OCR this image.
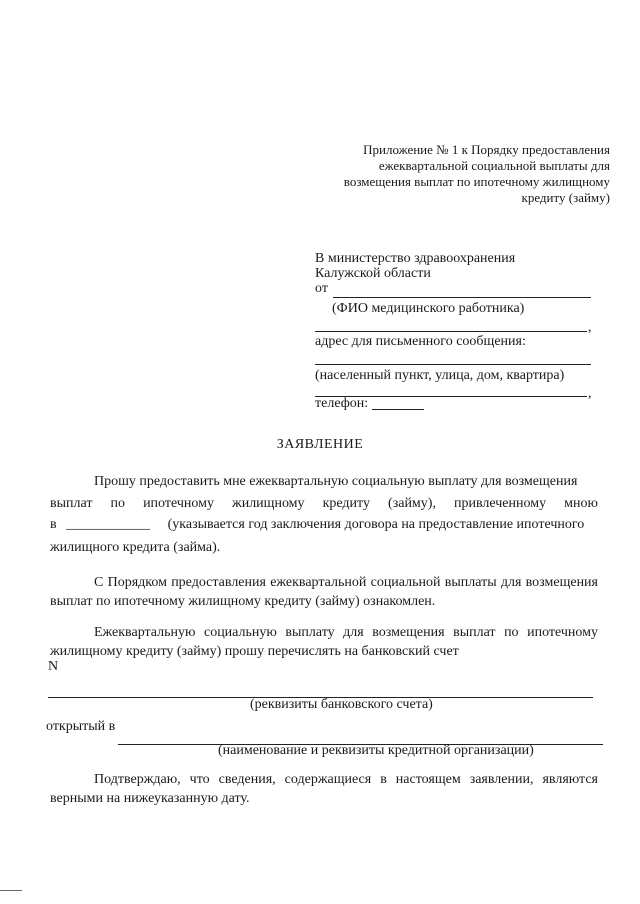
Приложение № 1 к Порядку предоставления
ежеквартальной социальной выплаты для
возмещения выплат по ипотечному жилищному
кредиту (займу)
В министерство здравоохранения
Калужской области
от
(ФИО медицинского работника)
,
адрес для письменного сообщения:
(населенный пункт, улица, дом, квартира)
,
телефон:
ЗАЯВЛЕНИЕ
Прошу предоставить мне ежеквартальную социальную выплату для возмещения
выплат по ипотечному жилищному кредиту (займу), привлеченному мною
в ____________ (указывается год заключения договора на предоставление ипотечного
жилищного кредита (займа).
С Порядком предоставления ежеквартальной социальной выплаты для возмещения выплат по ипотечному жилищному кредиту (займу) ознакомлен.
Ежеквартальную социальную выплату для возмещения выплат по ипотечному жилищному кредиту (займу) прошу перечислять на банковский счет
N
(реквизиты банковского счета)
открытый в
(наименование и реквизиты кредитной организации)
Подтверждаю, что сведения, содержащиеся в настоящем заявлении, являются верными на нижеуказанную дату.
